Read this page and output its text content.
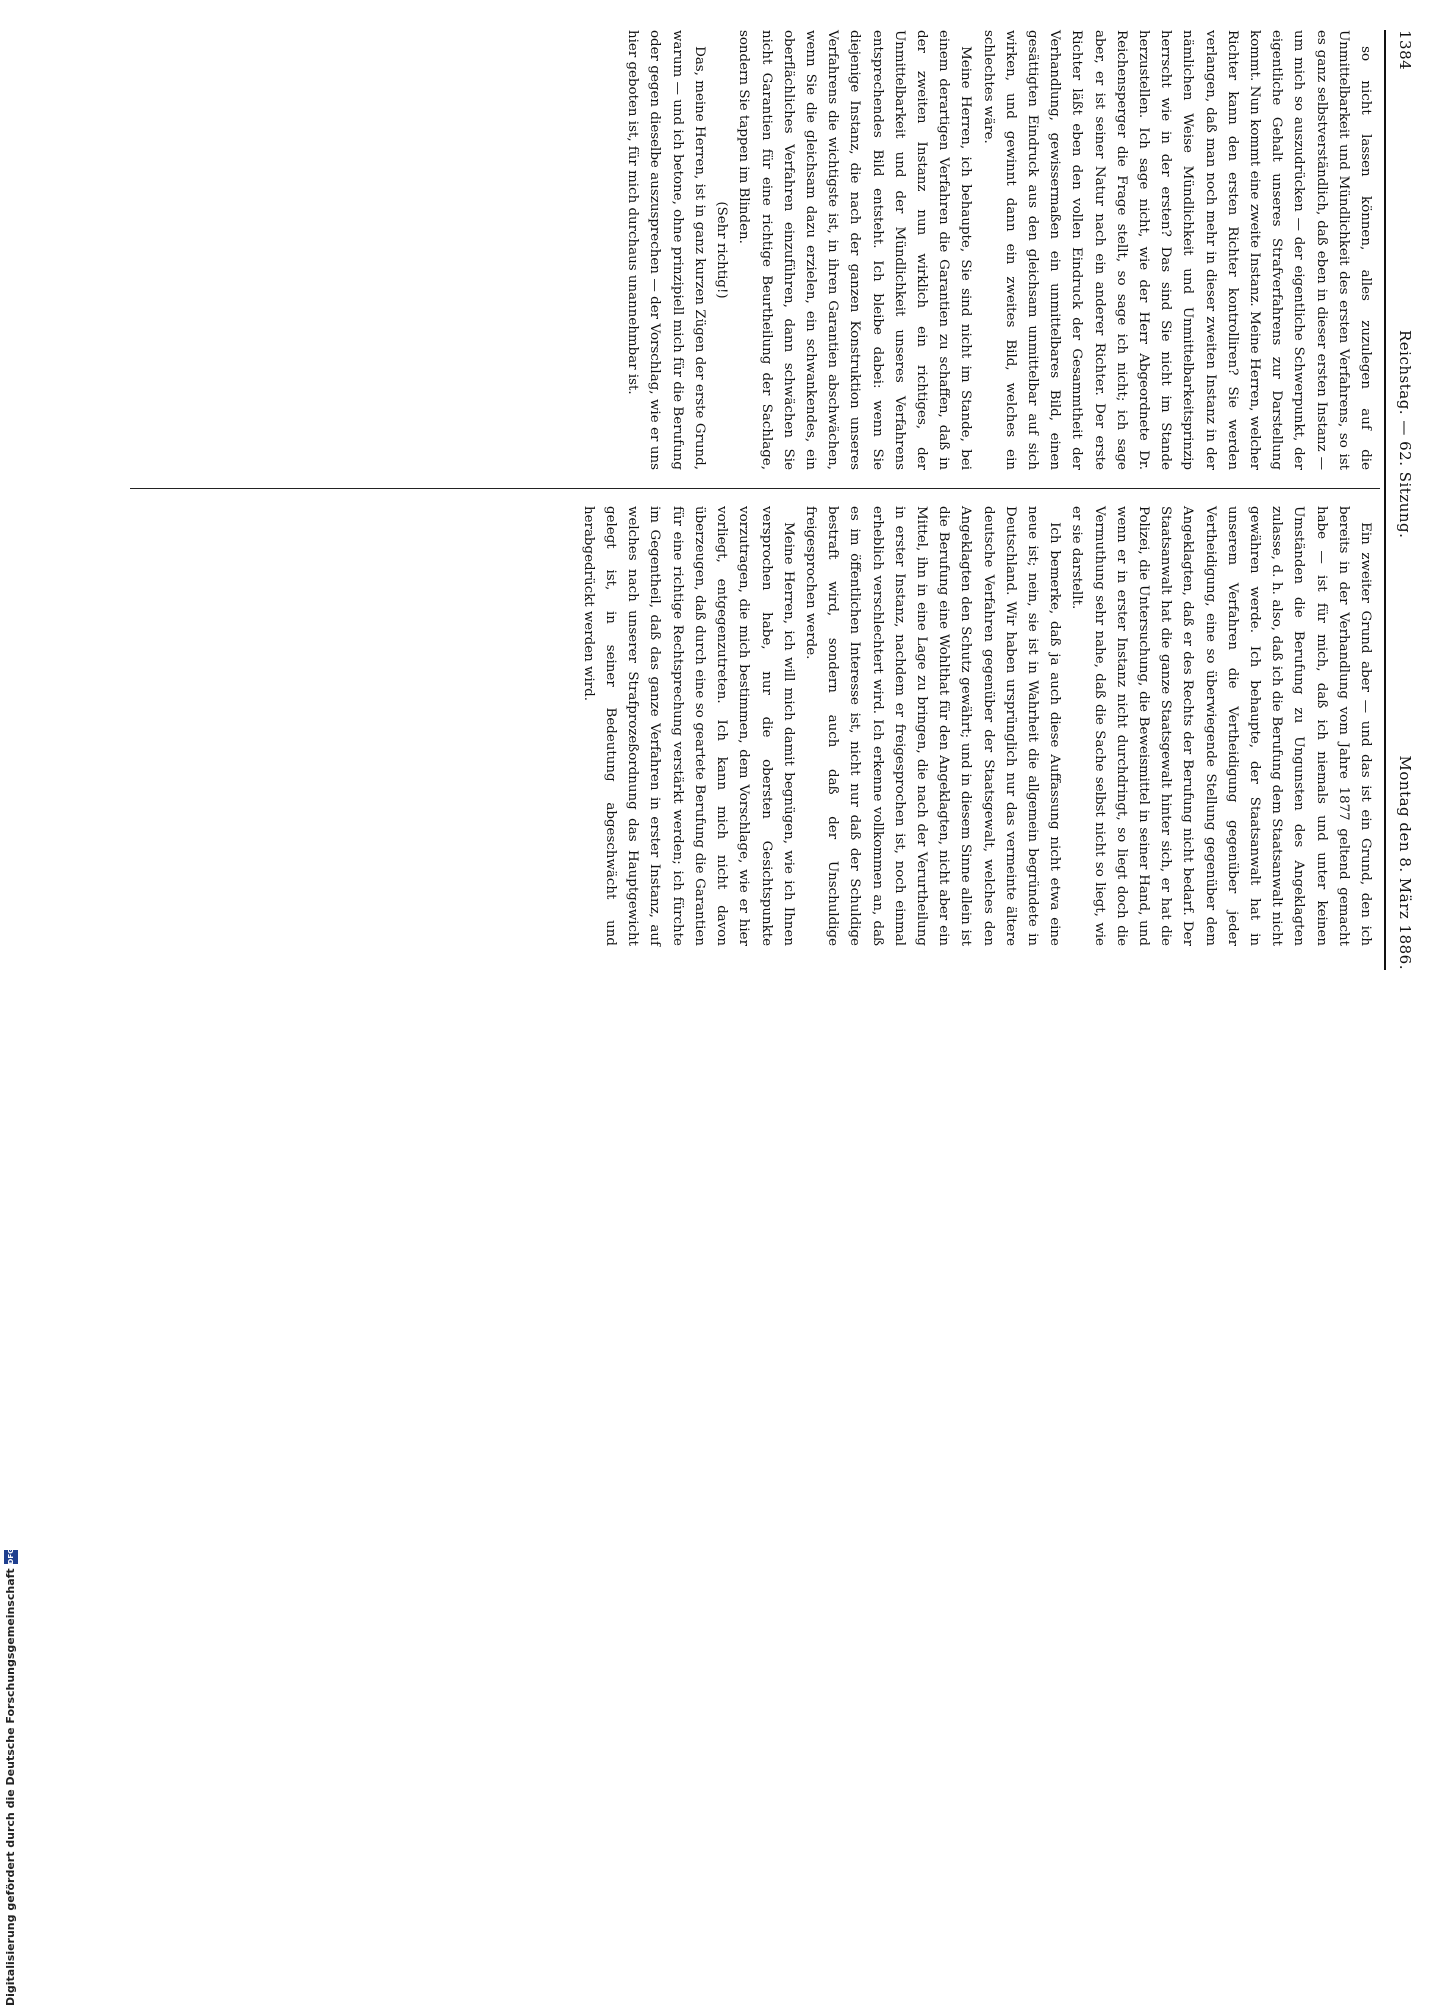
1384
Reichstag. — 62. Sitzung.
Montag den 8. März 1886.

so nicht lassen können, alles zuzulegen auf die Unmittelbarkeit und Mündlichkeit des ersten Verfahrens, so ist es ganz selbstverständlich, daß eben in dieser ersten Instanz — um mich so auszudrücken — der eigentliche Schwerpunkt, der eigentliche Gehalt unseres Strafverfahrens zur Darstellung kommt. Nun kommt eine zweite Instanz. Meine Herren, welcher Richter kann den ersten Richter kontrolliren? Sie werden verlangen, daß man noch mehr in dieser zweiten Instanz in der nämlichen Weise Mündlichkeit und Unmittelbarkeitsprinzip herrscht wie in der ersten? Das sind Sie nicht im Stande herzustellen. Ich sage nicht, wie der Herr Abgeordnete Dr. Reichensperger die Frage stellt, so sage ich nicht; ich sage aber, er ist seiner Natur nach ein anderer Richter. Der erste Richter läßt eben den vollen Eindruck der Gesammtheit der Verhandlung, gewissermaßen ein unmittelbares Bild, einen gesättigten Eindruck aus den gleichsam unmittelbar auf sich wirken, und gewinnt dann ein zweites Bild, welches ein schlechtes wäre.

Meine Herren, ich behaupte, Sie sind nicht im Stande, bei einem derartigen Verfahren die Garantien zu schaffen, daß in der zweiten Instanz nun wirklich ein richtiges, der Unmittelbarkeit und der Mündlichkeit unseres Verfahrens entsprechendes Bild entsteht. Ich bleibe dabei: wenn Sie diejenige Instanz, die nach der ganzen Konstruktion unseres Verfahrens die wichtigste ist, in ihren Garantien abschwächen, wenn Sie die gleichsam dazu erzielen, ein schwankendes, ein oberflächliches Verfahren einzuführen, dann schwächen Sie nicht Garantien für eine richtige Beurtheilung der Sachlage, sondern Sie tappen im Blinden.

(Sehr richtig!)

Das, meine Herren, ist in ganz kurzen Zügen der erste Grund, warum — und ich betone, ohne prinzipiell mich für die Berufung oder gegen dieselbe auszusprechen — der Vorschlag, wie er uns hier geboten ist, für mich durchaus unannehmbar ist.

Ein zweiter Grund aber — und das ist ein Grund, den ich bereits in der Verhandlung vom Jahre 1877 geltend gemacht habe — ist für mich, daß ich niemals und unter keinen Umständen die Berufung zu Ungunsten des Angeklagten zulasse, d. h. also, daß ich die Berufung dem Staatsanwalt nicht gewähren werde. Ich behaupte, der Staatsanwalt hat in unserem Verfahren die Vertheidigung gegenüber jeder Vertheidigung, eine so überwiegende Stellung gegenüber dem Angeklagten, daß er des Rechts der Berufung nicht bedarf. Der Staatsanwalt hat die ganze Staatsgewalt hinter sich, er hat die Polizei, die Untersuchung, die Beweismittel in seiner Hand, und wenn er in erster Instanz nicht durchdringt, so liegt doch die Vermuthung sehr nahe, daß die Sache selbst nicht so liegt, wie er sie darstellt.

Ich bemerke, daß ja auch diese Auffassung nicht etwa eine neue ist; nein, sie ist in Wahrheit die allgemein begründete in Deutschland. Wir haben ursprünglich nur das vermeinte ältere deutsche Verfahren gegenüber der Staatsgewalt, welches den Angeklagten den Schutz gewährt; und in diesem Sinne allein ist die Berufung eine Wohlthat für den Angeklagten, nicht aber ein Mittel, ihn in eine Lage zu bringen, die nach der Verurtheilung in erster Instanz, nachdem er freigesprochen ist, noch einmal erheblich verschlechtert wird. Ich erkenne vollkommen an, daß es im öffentlichen Interesse ist, nicht nur daß der Schuldige bestraft wird, sondern auch daß der Unschuldige freigesprochen werde.

Meine Herren, ich will mich damit begnügen, wie ich Ihnen versprochen habe, nur die obersten Gesichtspunkte vorzutragen, die mich bestimmen, dem Vorschlage, wie er hier vorliegt, entgegenzutreten. Ich kann mich nicht davon überzeugen, daß durch eine so geartete Berufung die Garantien für eine richtige Rechtsprechung verstärkt werden; ich fürchte im Gegentheil, daß das ganze Verfahren in erster Instanz, auf welches nach unserer Strafprozeßordnung das Hauptgewicht gelegt ist, in seiner Bedeutung abgeschwächt und herabgedrückt werden wird.

Digitalisierung gefördert durch die Deutsche Forschungsgemeinschaft DFG
